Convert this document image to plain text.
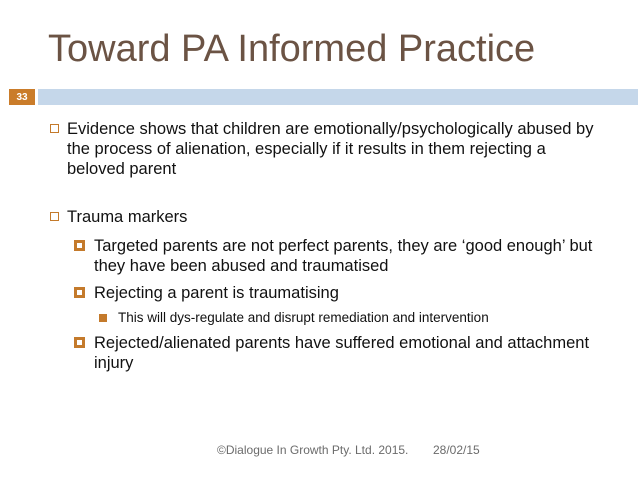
Toward PA Informed Practice
33
Evidence shows that children are emotionally/psychologically abused by the process of alienation, especially if it results in them rejecting a beloved parent
Trauma markers
Targeted parents are not perfect parents, they are ‘good enough’ but they have been abused and traumatised
Rejecting a parent is traumatising
This will dys-regulate and disrupt remediation and intervention
Rejected/alienated parents have suffered emotional and attachment injury
©Dialogue In Growth Pty. Ltd. 2015. 28/02/15
